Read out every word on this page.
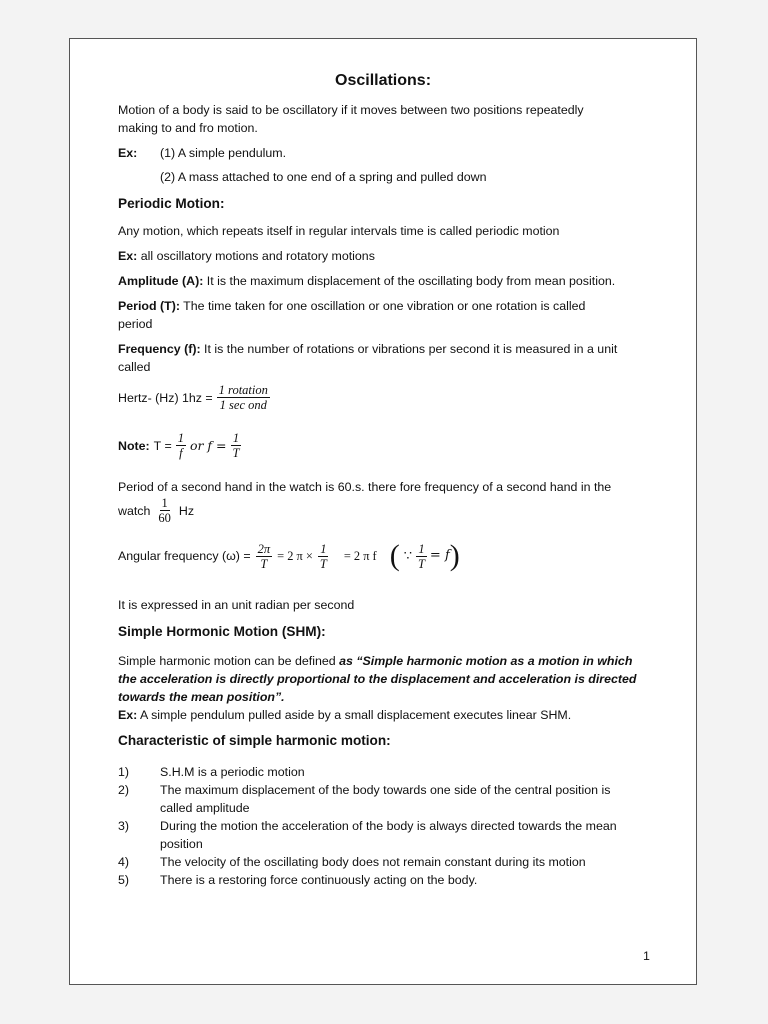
Oscillations:
Motion of a body is said to be oscillatory if it moves between two positions repeatedly
making to and fro motion.
Ex: (1) A simple pendulum.
(2) A mass attached to one end of a spring and pulled down
Periodic Motion:
Any motion, which repeats itself in regular intervals time is called periodic motion
Ex: all oscillatory motions and rotatory motions
Amplitude (A): It is the maximum displacement of the oscillating body from mean position.
Period (T): The time taken for one oscillation or one vibration or one rotation is called
period
Frequency (f): It is the number of rotations or vibrations per second it is measured in a unit
called
Hertz- (Hz) $1hz = \frac{\text{1 rotation}}{\text{1 sec ond}}$
Note: $T = \frac{1}{f}$ or $f = \frac{1}{T}$
Period of a second hand in the watch is 60.s. there fore frequency of a second hand in the
watch $\frac{1}{60}$ Hz
Angular frequency $(\omega) = \frac{2\pi}{T} = 2$ $\pi \times \frac{1}{T} = 2$ π f ( ∵ $\frac{1}{T} = f$ )
It is expressed in an unit radian per second
Simple Hormonic Motion (SHM):
Simple harmonic motion can be defined as “Simple harmonic motion as a motion in which
the acceleration is directly proportional to the displacement and acceleration is directed
towards the mean position”.
Ex: A simple pendulum pulled aside by a small displacement executes linear SHM.
Characteristic of simple harmonic motion:
1) S.H.M is a periodic motion
2) The maximum displacement of the body towards one side of the central position is
called amplitude
3) During the motion the acceleration of the body is always directed towards the mean
position
4) The velocity of the oscillating body does not remain constant during its motion
5) There is a restoring force continuously acting on the body.
1
